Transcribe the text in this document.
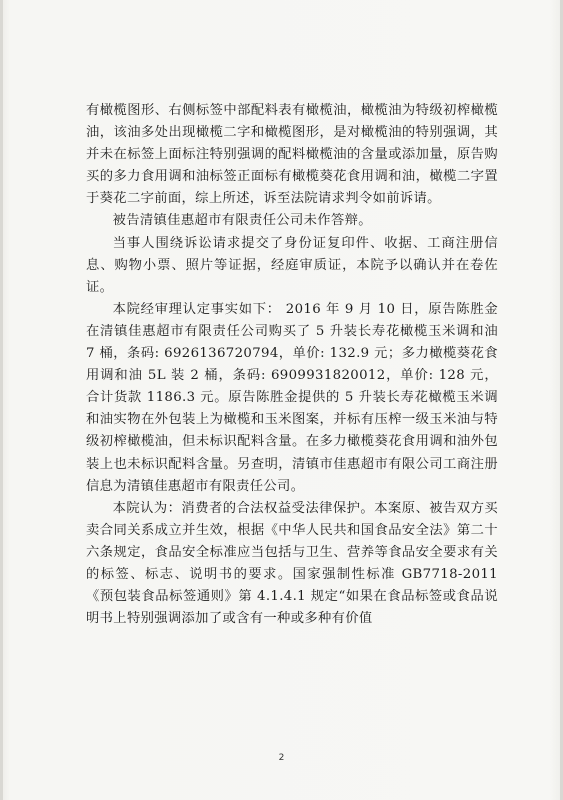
有橄榄图形、右侧标签中部配料表有橄榄油，橄榄油为特级初榨橄榄油，该油多处出现橄榄二字和橄榄图形，是对橄榄油的特别强调，其并未在标签上面标注特别强调的配料橄榄油的含量或添加量，原告购买的多力食用调和油标签正面标有橄榄葵花食用调和油，橄榄二字置于葵花二字前面，综上所述，诉至法院请求判令如前诉请。

被告清镇佳惠超市有限责任公司未作答辩。

当事人围绕诉讼请求提交了身份证复印件、收据、工商注册信息、购物小票、照片等证据，经庭审质证，本院予以确认并在卷佐证。

本院经审理认定事实如下： 2016 年 9 月 10 日，原告陈胜金在清镇佳惠超市有限责任公司购买了 5 升装长寿花橄榄玉米调和油 7 桶，条码: 6926136720794，单价: 132.9 元；多力橄榄葵花食用调和油 5L 装 2 桶，条码: 6909931820012，单价: 128 元，合计货款 1186.3 元。原告陈胜金提供的 5 升装长寿花橄榄玉米调和油实物在外包装上为橄榄和玉米图案，并标有压榨一级玉米油与特级初榨橄榄油，但未标识配料含量。在多力橄榄葵花食用调和油外包装上也未标识配料含量。另查明，清镇市佳惠超市有限公司工商注册信息为清镇佳惠超市有限责任公司。

本院认为：消费者的合法权益受法律保护。本案原、被告双方买卖合同关系成立并生效，根据《中华人民共和国食品安全法》第二十六条规定，食品安全标准应当包括与卫生、营养等食品安全要求有关的标签、标志、说明书的要求。国家强制性标准 GB7718-2011《预包装食品标签通则》第 4.1.4.1 规定“如果在食品标签或食品说明书上特别强调添加了或含有一种或多种有价值

2
